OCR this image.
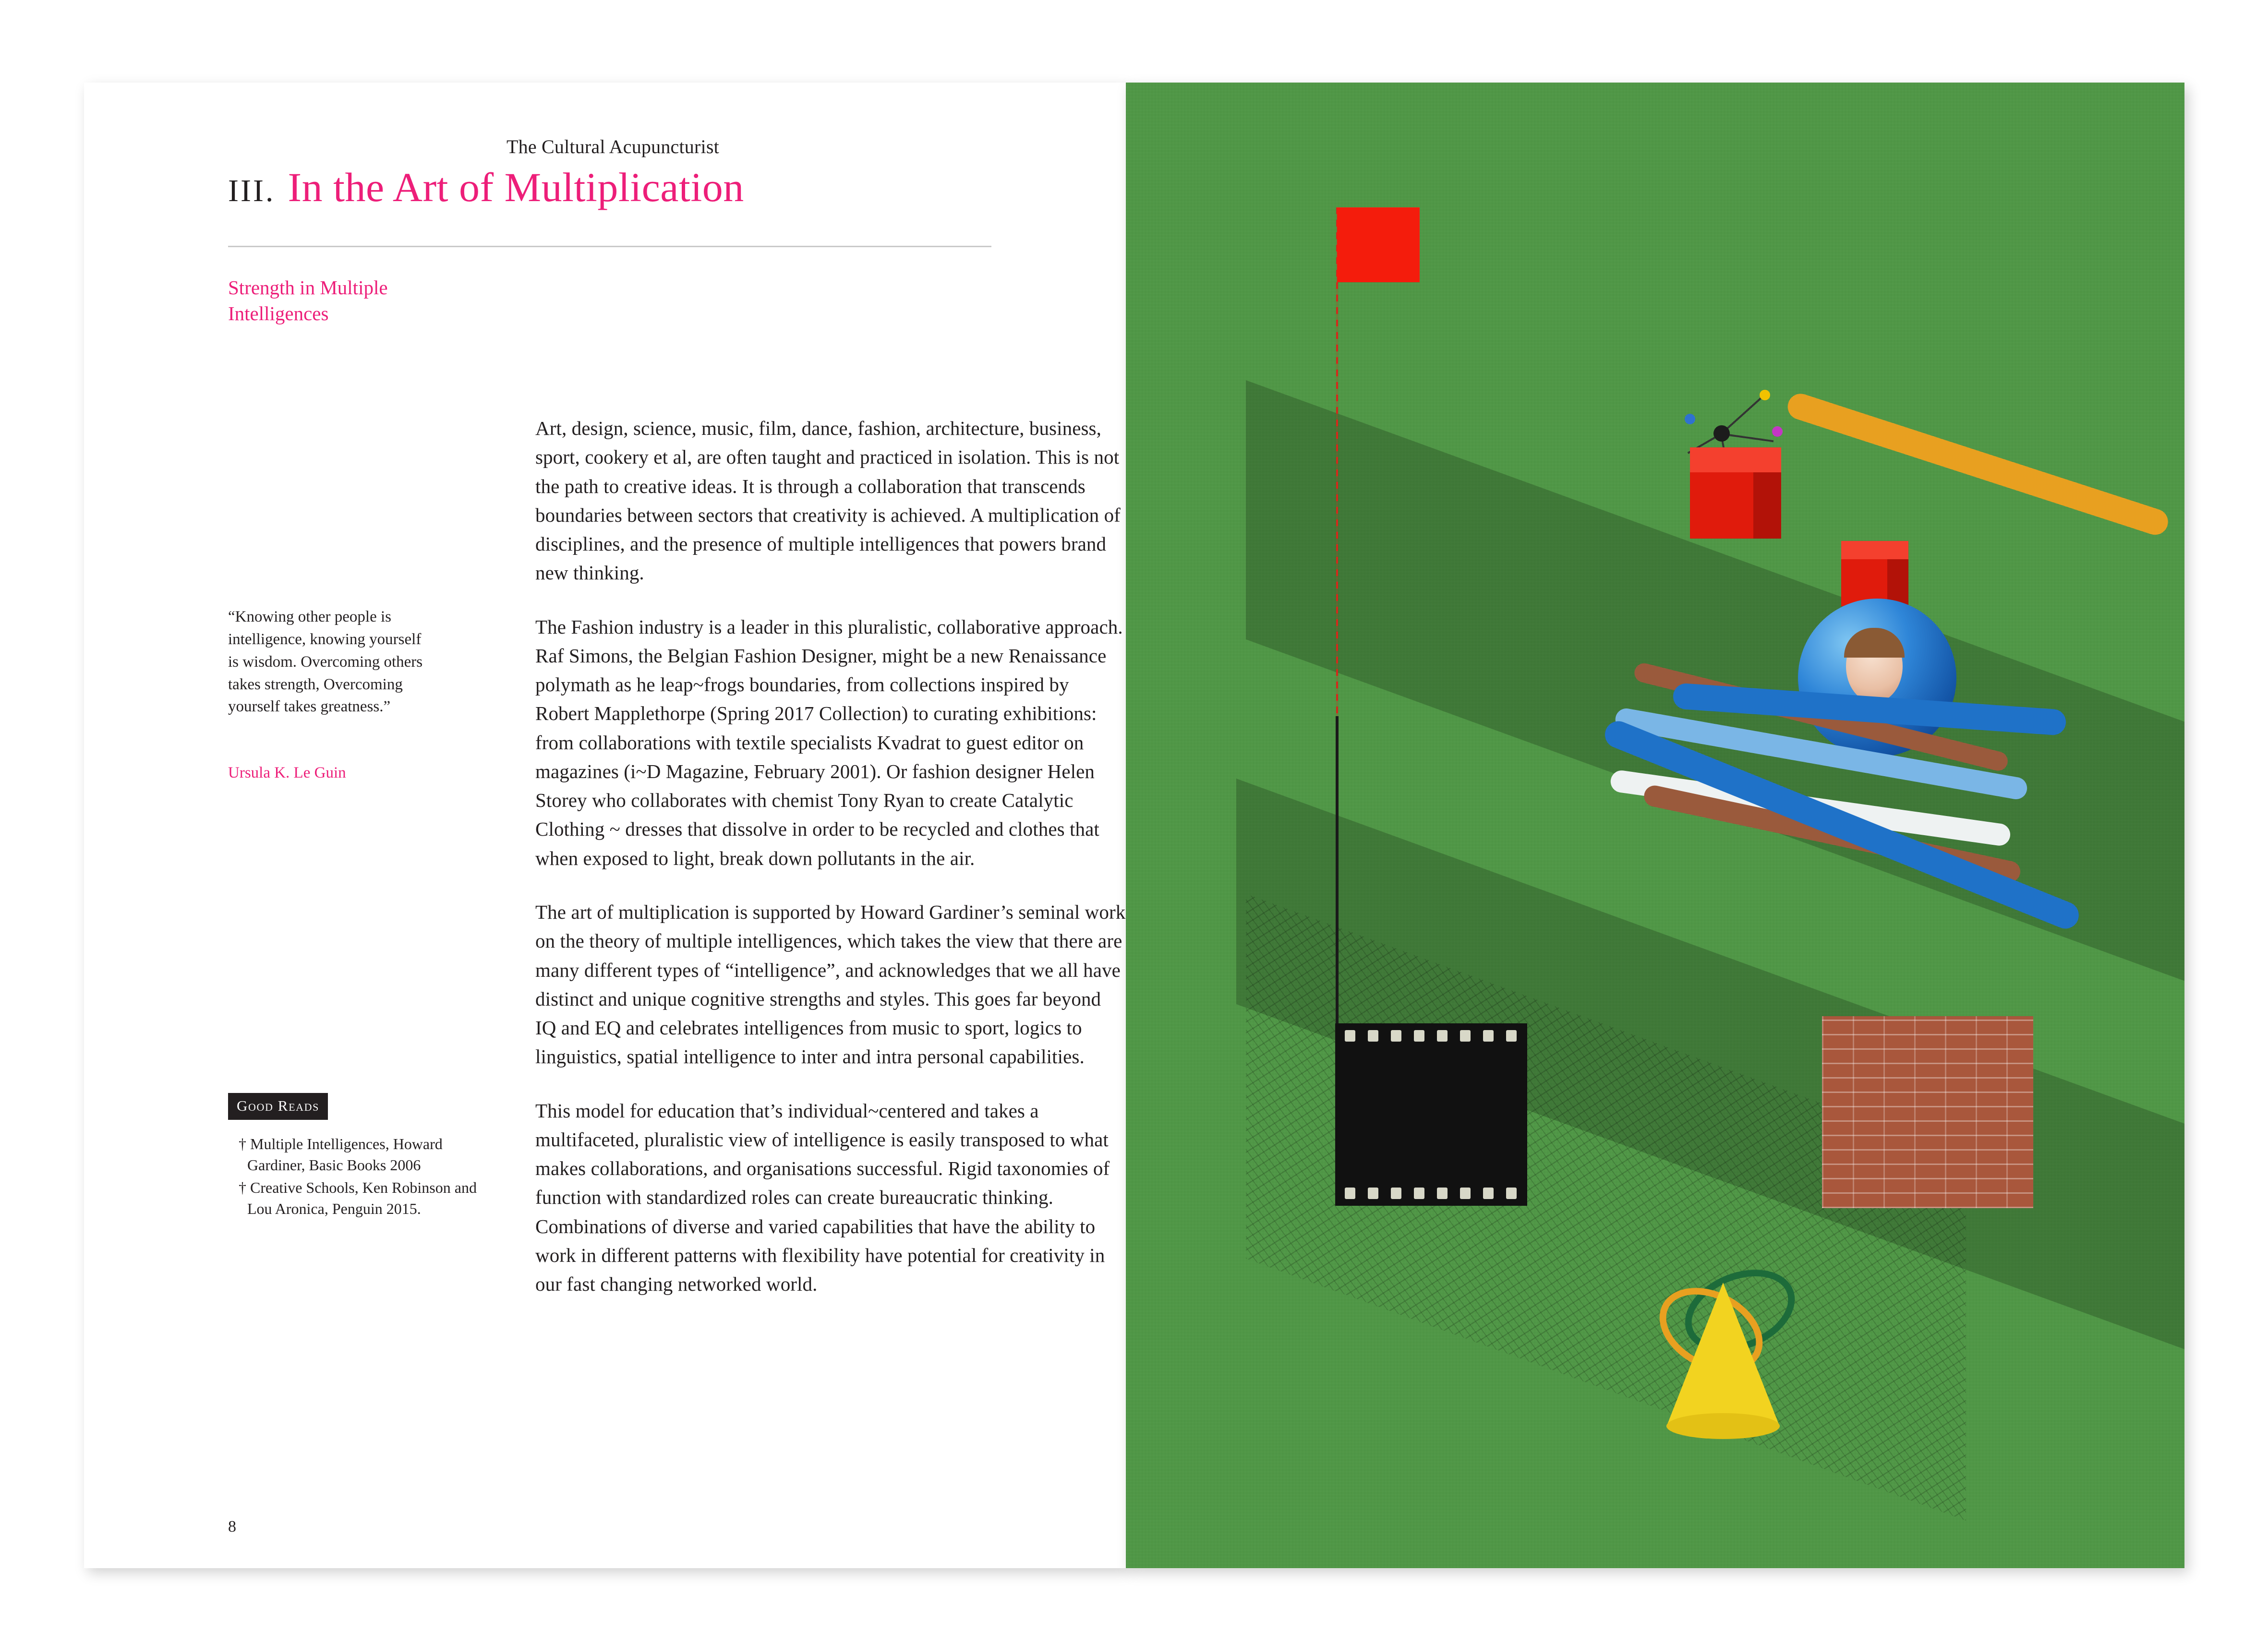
The Cultural Acupuncturist
III. In the Art of Multiplication
Strength in Multiple Intelligences
“Knowing other people is intelligence, knowing yourself is wisdom. Overcoming others takes strength, Overcoming yourself takes greatness.”
Ursula K. Le Guin
Good Reads
† Multiple Intelligences, Howard Gardiner, Basic Books 2006
† Creative Schools, Ken Robinson and Lou Aronica, Penguin 2015.
8

Art, design, science, music, film, dance, fashion, architecture, business, sport, cookery et al, are often taught and practiced in isolation. This is not the path to creative ideas. It is through a collaboration that transcends boundaries between sectors that creativity is achieved. A multiplication of disciplines, and the presence of multiple intelligences that powers brand new thinking.

The Fashion industry is a leader in this pluralistic, collaborative approach. Raf Simons, the Belgian Fashion Designer, might be a new Renaissance polymath as he leap~frogs boundaries, from collections inspired by Robert Mapplethorpe (Spring 2017 Collection) to curating exhibitions: from collaborations with textile specialists Kvadrat to guest editor on magazines (i~D Magazine, February 2001). Or fashion designer Helen Storey who collaborates with chemist Tony Ryan to create Catalytic Clothing ~ dresses that dissolve in order to be recycled and clothes that when exposed to light, break down pollutants in the air.

The art of multiplication is supported by Howard Gardiner’s seminal work on the theory of multiple intelligences, which takes the view that there are many different types of “intelligence”, and acknowledges that we all have distinct and unique cognitive strengths and styles. This goes far beyond IQ and EQ and celebrates intelligences from music to sport, logics to linguistics, spatial intelligence to inter and intra personal capabilities.

This model for education that’s individual~centered and takes a multifaceted, pluralistic view of intelligence is easily transposed to what makes collaborations, and organisations successful. Rigid taxonomies of function with standardized roles can create bureaucratic thinking. Combinations of diverse and varied capabilities that have the ability to work in different patterns with flexibility have potential for creativity in our fast changing networked world.
